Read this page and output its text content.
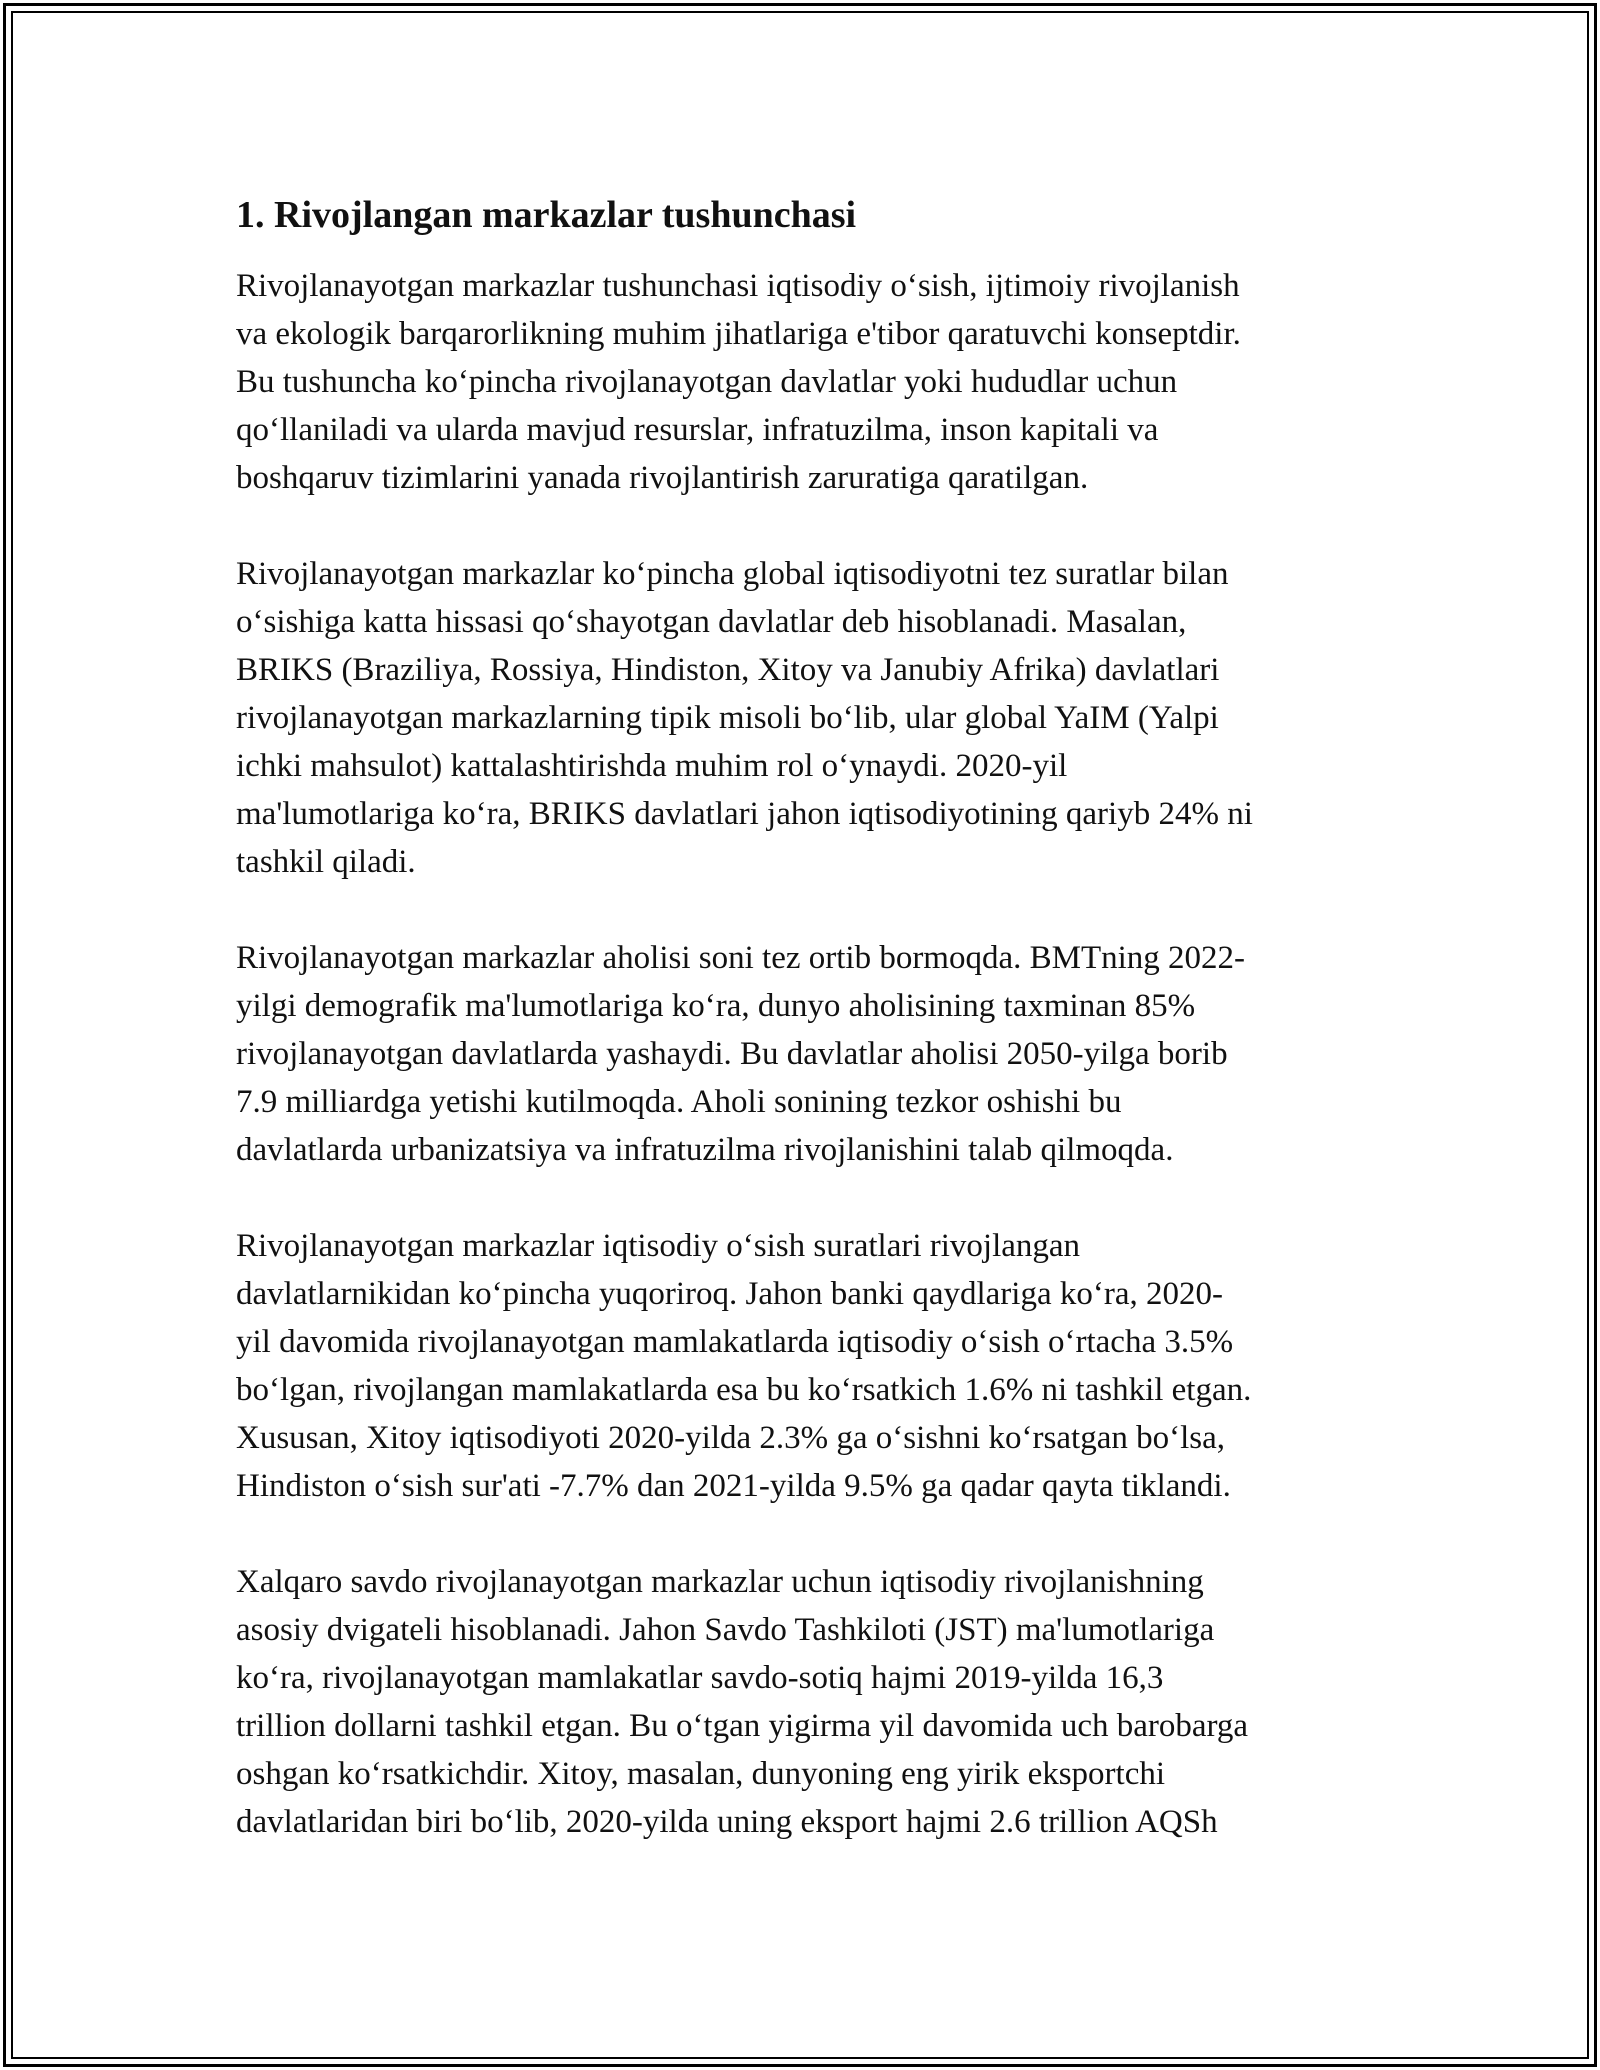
1. Rivojlangan markazlar tushunchasi

Rivojlanayotgan markazlar tushunchasi iqtisodiy o‘sish, ijtimoiy rivojlanish
va ekologik barqarorlikning muhim jihatlariga e'tibor qaratuvchi konseptdir.
Bu tushuncha ko‘pincha rivojlanayotgan davlatlar yoki hududlar uchun
qo‘llaniladi va ularda mavjud resurslar, infratuzilma, inson kapitali va
boshqaruv tizimlarini yanada rivojlantirish zaruratiga qaratilgan.

Rivojlanayotgan markazlar ko‘pincha global iqtisodiyotni tez suratlar bilan
o‘sishiga katta hissasi qo‘shayotgan davlatlar deb hisoblanadi. Masalan,
BRIKS (Braziliya, Rossiya, Hindiston, Xitoy va Janubiy Afrika) davlatlari
rivojlanayotgan markazlarning tipik misoli bo‘lib, ular global YaIM (Yalpi
ichki mahsulot) kattalashtirishda muhim rol o‘ynaydi. 2020-yil
ma'lumotlariga ko‘ra, BRIKS davlatlari jahon iqtisodiyotining qariyb 24% ni
tashkil qiladi.

Rivojlanayotgan markazlar aholisi soni tez ortib bormoqda. BMTning 2022-
yilgi demografik ma'lumotlariga ko‘ra, dunyo aholisining taxminan 85%
rivojlanayotgan davlatlarda yashaydi. Bu davlatlar aholisi 2050-yilga borib
7.9 milliardga yetishi kutilmoqda. Aholi sonining tezkor oshishi bu
davlatlarda urbanizatsiya va infratuzilma rivojlanishini talab qilmoqda.

Rivojlanayotgan markazlar iqtisodiy o‘sish suratlari rivojlangan
davlatlarnikidan ko‘pincha yuqoriroq. Jahon banki qaydlariga ko‘ra, 2020-
yil davomida rivojlanayotgan mamlakatlarda iqtisodiy o‘sish o‘rtacha 3.5%
bo‘lgan, rivojlangan mamlakatlarda esa bu ko‘rsatkich 1.6% ni tashkil etgan.
Xususan, Xitoy iqtisodiyoti 2020-yilda 2.3% ga o‘sishni ko‘rsatgan bo‘lsa,
Hindiston o‘sish sur'ati -7.7% dan 2021-yilda 9.5% ga qadar qayta tiklandi.

Xalqaro savdo rivojlanayotgan markazlar uchun iqtisodiy rivojlanishning
asosiy dvigateli hisoblanadi. Jahon Savdo Tashkiloti (JST) ma'lumotlariga
ko‘ra, rivojlanayotgan mamlakatlar savdo-sotiq hajmi 2019-yilda 16,3
trillion dollarni tashkil etgan. Bu o‘tgan yigirma yil davomida uch barobarga
oshgan ko‘rsatkichdir. Xitoy, masalan, dunyoning eng yirik eksportchi
davlatlaridan biri bo‘lib, 2020-yilda uning eksport hajmi 2.6 trillion AQSh
